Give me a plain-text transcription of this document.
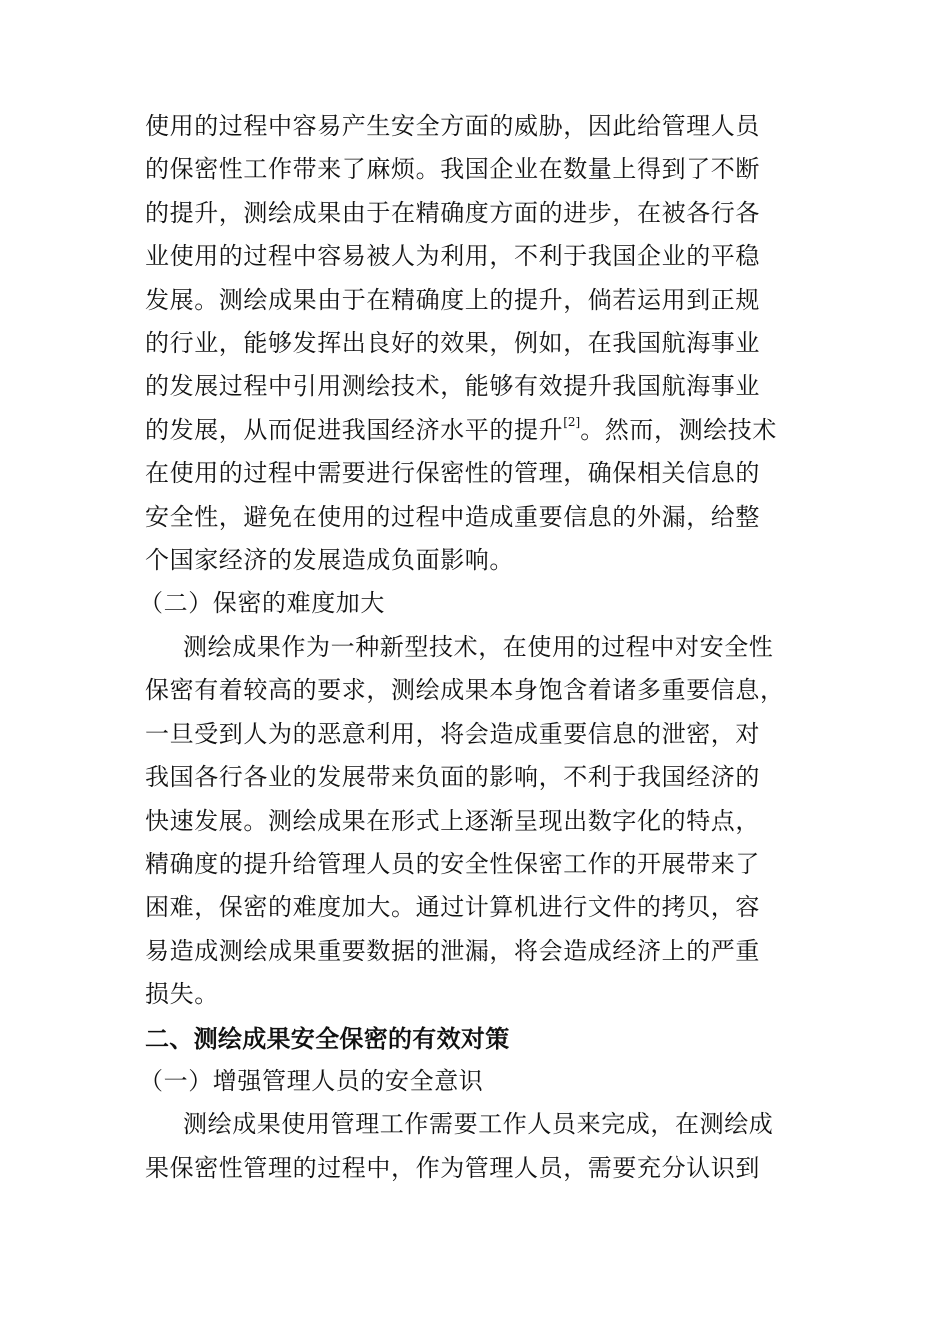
使用的过程中容易产生安全方面的威胁，因此给管理人员
的保密性工作带来了麻烦。我国企业在数量上得到了不断
的提升，测绘成果由于在精确度方面的进步，在被各行各
业使用的过程中容易被人为利用，不利于我国企业的平稳
发展。测绘成果由于在精确度上的提升，倘若运用到正规
的行业，能够发挥出良好的效果，例如，在我国航海事业
的发展过程中引用测绘技术，能够有效提升我国航海事业
的发展，从而促进我国经济水平的提升[2]。然而，测绘技术
在使用的过程中需要进行保密性的管理，确保相关信息的
安全性，避免在使用的过程中造成重要信息的外漏，给整
个国家经济的发展造成负面影响。
（二）保密的难度加大
测绘成果作为一种新型技术，在使用的过程中对安全性
保密有着较高的要求，测绘成果本身饱含着诸多重要信息，
一旦受到人为的恶意利用，将会造成重要信息的泄密，对
我国各行各业的发展带来负面的影响，不利于我国经济的
快速发展。测绘成果在形式上逐渐呈现出数字化的特点，
精确度的提升给管理人员的安全性保密工作的开展带来了
困难，保密的难度加大。通过计算机进行文件的拷贝，容
易造成测绘成果重要数据的泄漏，将会造成经济上的严重
损失。
二、测绘成果安全保密的有效对策
（一）增强管理人员的安全意识
测绘成果使用管理工作需要工作人员来完成，在测绘成
果保密性管理的过程中，作为管理人员，需要充分认识到
